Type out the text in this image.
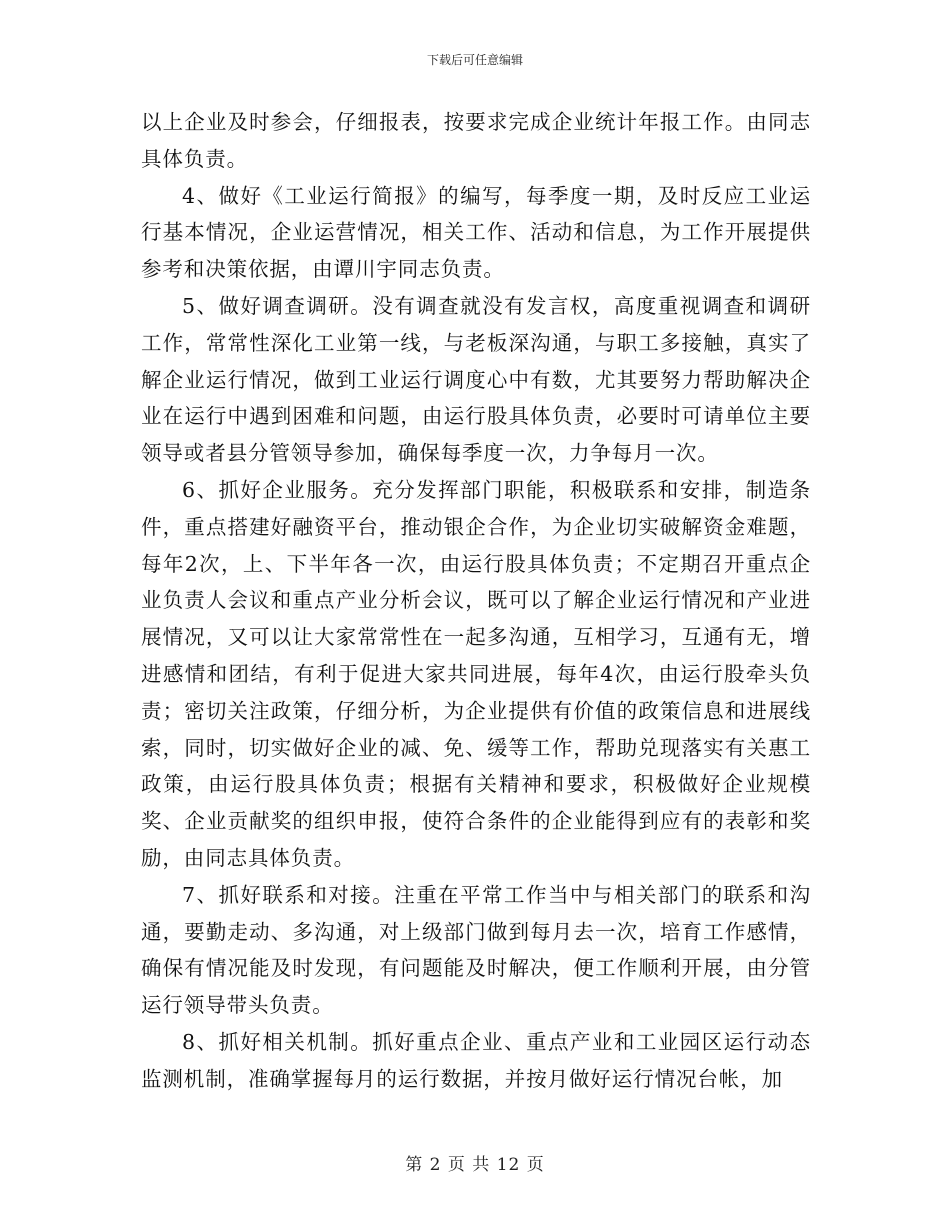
下载后可任意编辑

以上企业及时参会，仔细报表，按要求完成企业统计年报工作。由同志具体负责。

4、做好《工业运行简报》的编写，每季度一期，及时反应工业运行基本情况，企业运营情况，相关工作、活动和信息，为工作开展提供参考和决策依据，由谭川宇同志负责。

5、做好调查调研。没有调查就没有发言权，高度重视调查和调研工作，常常性深化工业第一线，与老板深沟通，与职工多接触，真实了解企业运行情况，做到工业运行调度心中有数，尤其要努力帮助解决企业在运行中遇到困难和问题，由运行股具体负责，必要时可请单位主要领导或者县分管领导参加，确保每季度一次，力争每月一次。

6、抓好企业服务。充分发挥部门职能，积极联系和安排，制造条件，重点搭建好融资平台，推动银企合作，为企业切实破解资金难题，每年2次，上、下半年各一次，由运行股具体负责；不定期召开重点企业负责人会议和重点产业分析会议，既可以了解企业运行情况和产业进展情况，又可以让大家常常性在一起多沟通，互相学习，互通有无，增进感情和团结，有利于促进大家共同进展，每年4次，由运行股牵头负责；密切关注政策，仔细分析，为企业提供有价值的政策信息和进展线索，同时，切实做好企业的减、免、缓等工作，帮助兑现落实有关惠工政策，由运行股具体负责；根据有关精神和要求，积极做好企业规模奖、企业贡献奖的组织申报，使符合条件的企业能得到应有的表彰和奖励，由同志具体负责。

7、抓好联系和对接。注重在平常工作当中与相关部门的联系和沟通，要勤走动、多沟通，对上级部门做到每月去一次，培育工作感情，确保有情况能及时发现，有问题能及时解决，便工作顺利开展，由分管运行领导带头负责。

8、抓好相关机制。抓好重点企业、重点产业和工业园区运行动态监测机制，准确掌握每月的运行数据，并按月做好运行情况台帐，加

第 2 页 共 12 页
